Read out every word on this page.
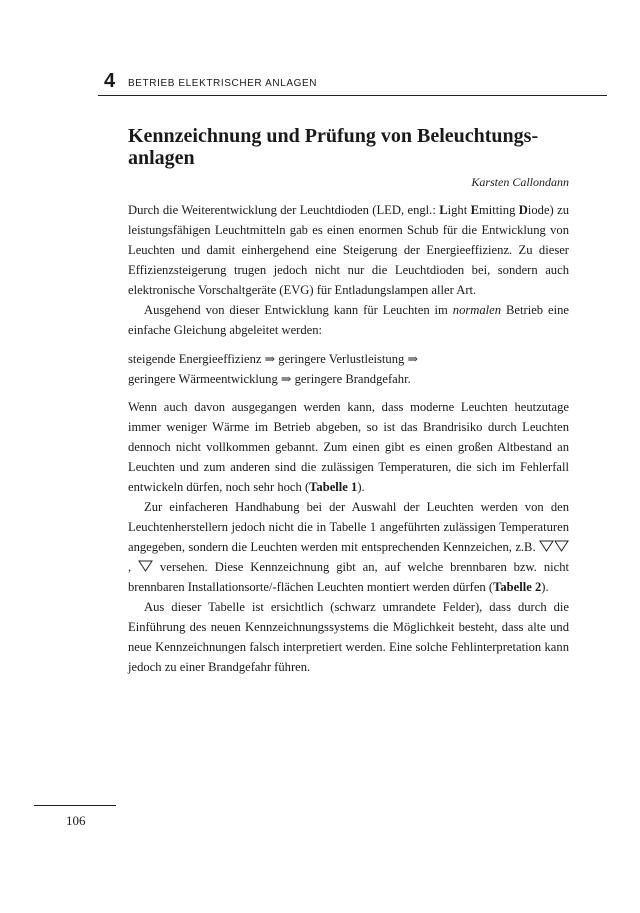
4 BETRIEB ELEKTRISCHER ANLAGEN
Kennzeichnung und Prüfung von Beleuchtungs-anlagen
Karsten Callondann

Durch die Weiterentwicklung der Leuchtdioden (LED, engl.: Light Emitting Diode) zu leistungsfähigen Leuchtmitteln gab es einen enormen Schub für die Entwicklung von Leuchten und damit einhergehend eine Steigerung der Energieeffizienz. Zu dieser Effizienzsteigerung trugen jedoch nicht nur die Leuchtdioden bei, sondern auch elektronische Vorschaltgeräte (EVG) für Entladungslampen aller Art.

Ausgehend von dieser Entwicklung kann für Leuchten im normalen Betrieb eine einfache Gleichung abgeleitet werden:

steigende Energieeffizienz ⇒ geringere Verlustleistung ⇒
geringere Wärmeentwicklung ⇒ geringere Brandgefahr.

Wenn auch davon ausgegangen werden kann, dass moderne Leuchten heutzutage immer weniger Wärme im Betrieb abgeben, so ist das Brandrisiko durch Leuchten dennoch nicht vollkommen gebannt. Zum einen gibt es einen großen Altbestand an Leuchten und zum anderen sind die zulässigen Temperaturen, die sich im Fehlerfall entwickeln dürfen, noch sehr hoch (Tabelle 1).

Zur einfacheren Handhabung bei der Auswahl der Leuchten werden von den Leuchtenherstellern jedoch nicht die in Tabelle 1 angeführten zulässigen Temperaturen angegeben, sondern die Leuchten werden mit entsprechenden Kennzeichen, z.B. ,  versehen. Diese Kennzeichnung gibt an, auf welche brennbaren bzw. nicht brennbaren Installationsorte/-flächen Leuchten montiert werden dürfen (Tabelle 2).

Aus dieser Tabelle ist ersichtlich (schwarz umrandete Felder), dass durch die Einführung des neuen Kennzeichnungssystems die Möglichkeit besteht, dass alte und neue Kennzeichnungen falsch interpretiert werden. Eine solche Fehlinterpretation kann jedoch zu einer Brandgefahr führen.

106
